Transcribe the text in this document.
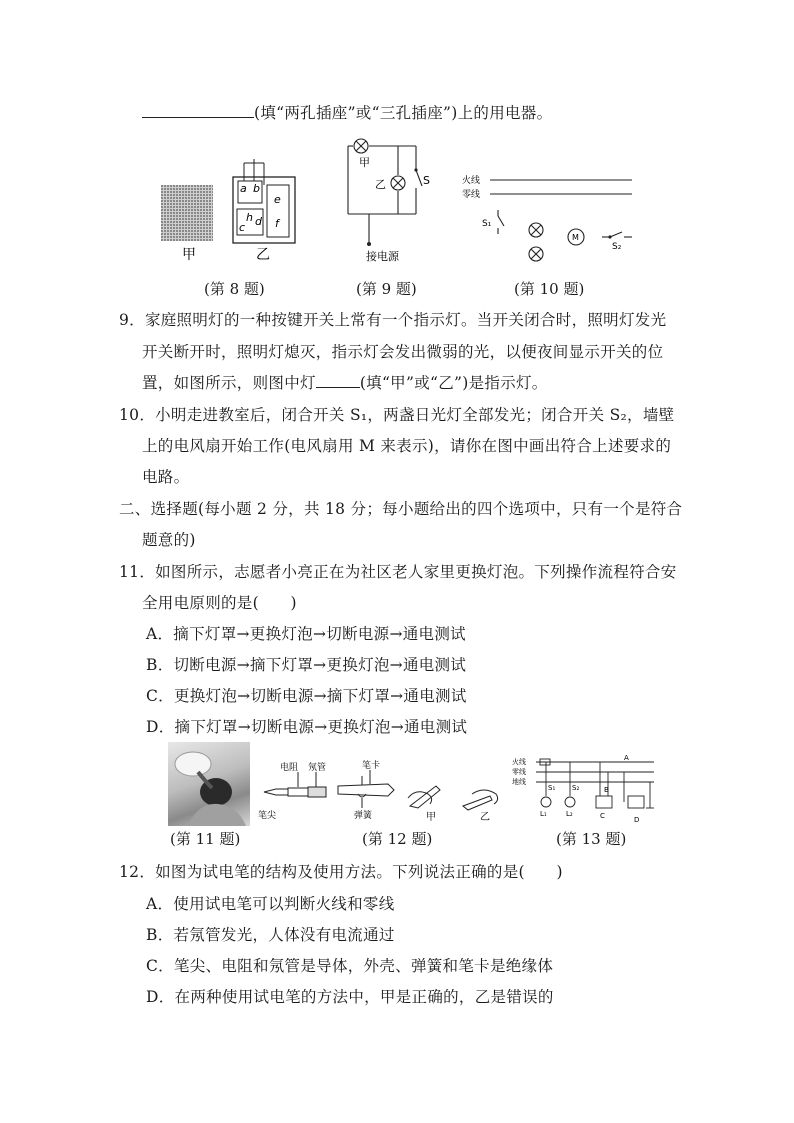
(填“两孔插座”或“三孔插座”)上的用电器。
a b
e
h d
c	f
甲	乙
(第 8 题)
甲
乙	S
接电源
(第 9 题)
火线
零线
S₁
M
S₂
(第 10 题)
9．家庭照明灯的一种按键开关上常有一个指示灯。当开关闭合时，照明灯发光
开关断开时，照明灯熄灭，指示灯会发出微弱的光，以便夜间显示开关的位
置，如图所示，则图中灯	(填“甲”或“乙”)是指示灯。
10．小明走进教室后，闭合开关 S₁，两盏日光灯全部发光；闭合开关 S₂，墙壁
上的电风扇开始工作(电风扇用 M 来表示)，请你在图中画出符合上述要求的
电路。
二、选择题(每小题 2 分，共 18 分；每小题给出的四个选项中，只有一个是符合
题意的)
11．如图所示，志愿者小亮正在为社区老人家里更换灯泡。下列操作流程符合安
全用电原则的是(　　)
A．摘下灯罩→更换灯泡→切断电源→通电测试
B．切断电源→摘下灯罩→更换灯泡→通电测试
C．更换灯泡→切断电源→摘下灯罩→通电测试
D．摘下灯罩→切断电源→更换灯泡→通电测试
(第 11 题)
电阻 氖管	笔卡
笔尖	弹簧	甲	乙
(第 12 题)
火线
零线
地线
A
B
C	D
S₁ S₂
L₁	L₂
(第 13 题)
12．如图为试电笔的结构及使用方法。下列说法正确的是(　　)
A．使用试电笔可以判断火线和零线
B．若氖管发光，人体没有电流通过
C．笔尖、电阻和氖管是导体，外壳、弹簧和笔卡是绝缘体
D．在两种使用试电笔的方法中，甲是正确的，乙是错误的
